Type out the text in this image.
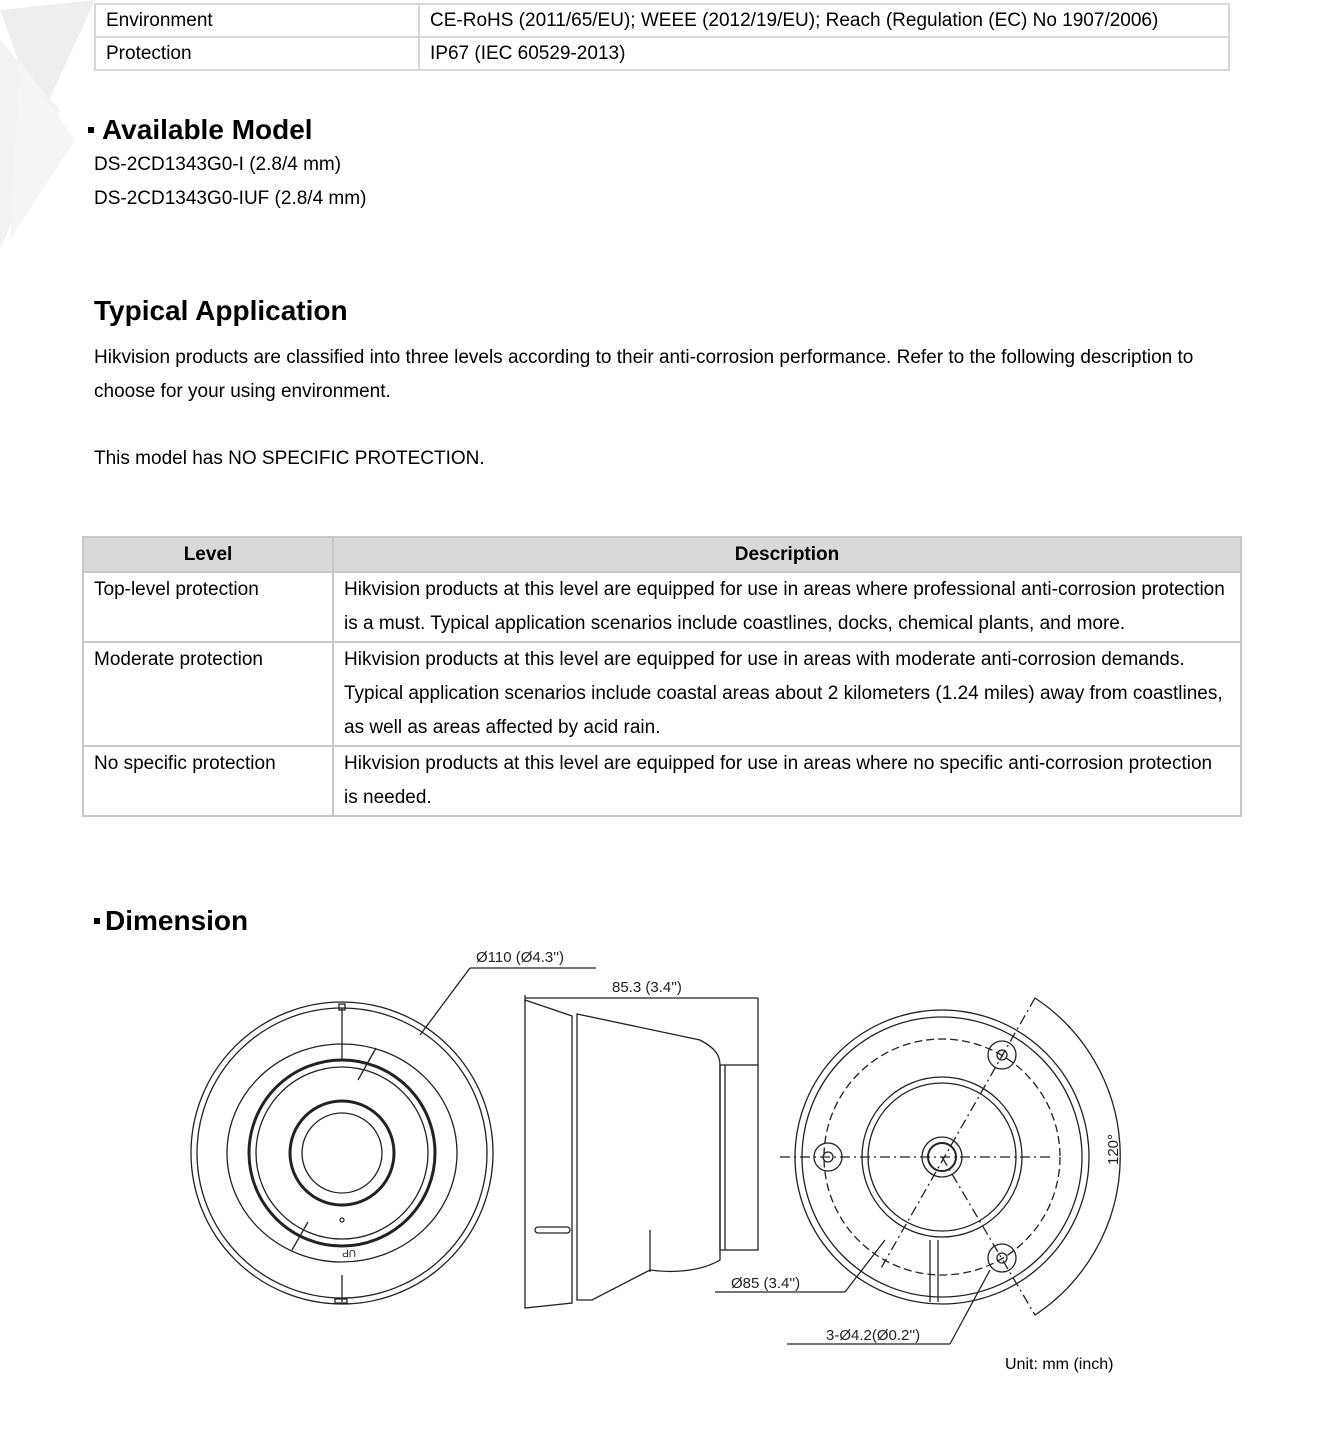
Environment	CE-RoHS (2011/65/EU); WEEE (2012/19/EU); Reach (Regulation (EC) No 1907/2006)
Protection	IP67 (IEC 60529-2013)
Available Model
DS-2CD1343G0-I (2.8/4 mm)
DS-2CD1343G0-IUF (2.8/4 mm)
Typical Application
Hikvision products are classified into three levels according to their anti-corrosion performance. Refer to the following description to choose for your using environment.
This model has NO SPECIFIC PROTECTION.
Level	Description
Top-level protection	Hikvision products at this level are equipped for use in areas where professional anti-corrosion protection is a must. Typical application scenarios include coastlines, docks, chemical plants, and more.
Moderate protection	Hikvision products at this level are equipped for use in areas with moderate anti-corrosion demands. Typical application scenarios include coastal areas about 2 kilometers (1.24 miles) away from coastlines, as well as areas affected by acid rain.
No specific protection	Hikvision products at this level are equipped for use in areas where no specific anti-corrosion protection is needed.
Dimension
UP
Ø110 (Ø4.3'')
85.3 (3.4'')
Ø85 (3.4'')
3-Ø4.2(Ø0.2'')
120°
Unit: mm (inch)
